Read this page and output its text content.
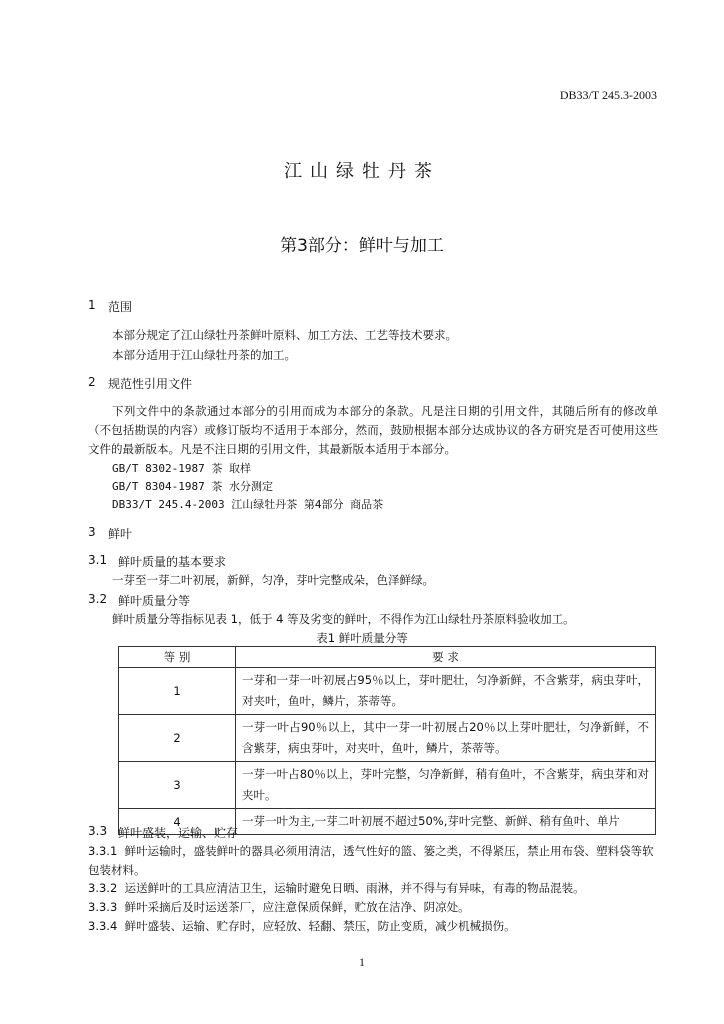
DB33/T 245.3-2003
江山绿牡丹茶
第3部分：鲜叶与加工
1 范围
本部分规定了江山绿牡丹茶鲜叶原料、加工方法、工艺等技术要求。
本部分适用于江山绿牡丹茶的加工。
2 规范性引用文件
下列文件中的条款通过本部分的引用而成为本部分的条款。凡是注日期的引用文件，其随后所有的修改单（不包括勘误的内容）或修订版均不适用于本部分，然而，鼓励根据本部分达成协议的各方研究是否可使用这些文件的最新版本。凡是不注日期的引用文件，其最新版本适用于本部分。
GB/T 8302-1987 茶 取样
GB/T 8304-1987 茶 水分测定
DB33/T 245.4-2003 江山绿牡丹茶 第4部分 商品茶
3 鲜叶
3.1 鲜叶质量的基本要求
一芽至一芽二叶初展，新鲜，匀净，芽叶完整成朵，色泽鲜绿。
3.2 鲜叶质量分等
鲜叶质量分等指标见表 1，低于 4 等及劣变的鲜叶，不得作为江山绿牡丹茶原料验收加工。
表1 鲜叶质量分等
等 别	要 求
1	一芽和一芽一叶初展占95％以上，芽叶肥壮，匀净新鲜，不含紫芽，病虫芽叶，对夹叶，鱼叶，鳞片，茶蒂等。
2	一芽一叶占90％以上，其中一芽一叶初展占20％以上芽叶肥壮，匀净新鲜，不含紫芽，病虫芽叶，对夹叶，鱼叶，鳞片，茶蒂等。
3	一芽一叶占80％以上，芽叶完整，匀净新鲜，稍有鱼叶，不含紫芽，病虫芽和对夹叶。
4	一芽一叶为主,一芽二叶初展不超过50%,芽叶完整、新鲜、稍有鱼叶、单片
3.3 鲜叶盛装，运输、贮存
3.3.1 鲜叶运输时，盛装鲜叶的器具必须用清洁，透气性好的篮、篓之类，不得紧压，禁止用布袋、塑料袋等软包装材料。
3.3.2 运送鲜叶的工具应清洁卫生，运输时避免日晒、雨淋，并不得与有异味，有毒的物品混装。
3.3.3 鲜叶采摘后及时运送茶厂，应注意保质保鲜，贮放在洁净、阴凉处。
3.3.4 鲜叶盛装、运输、贮存时，应轻放、轻翻、禁压，防止变质，减少机械损伤。
1
